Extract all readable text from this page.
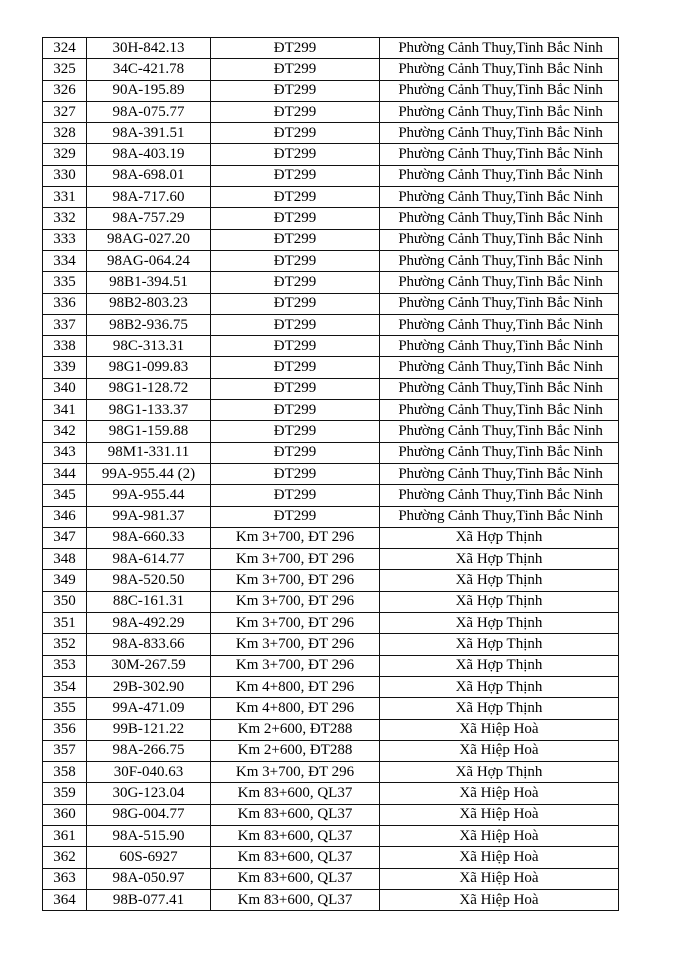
324	30H-842.13	ĐT299	Phường Cảnh Thuy,Tinh Bắc Ninh
325	34C-421.78	ĐT299	Phường Cảnh Thuy,Tinh Bắc Ninh
326	90A-195.89	ĐT299	Phường Cảnh Thuy,Tinh Bắc Ninh
327	98A-075.77	ĐT299	Phường Cảnh Thuy,Tinh Bắc Ninh
328	98A-391.51	ĐT299	Phường Cảnh Thuy,Tinh Bắc Ninh
329	98A-403.19	ĐT299	Phường Cảnh Thuy,Tinh Bắc Ninh
330	98A-698.01	ĐT299	Phường Cảnh Thuy,Tinh Bắc Ninh
331	98A-717.60	ĐT299	Phường Cảnh Thuy,Tinh Bắc Ninh
332	98A-757.29	ĐT299	Phường Cảnh Thuy,Tinh Bắc Ninh
333	98AG-027.20	ĐT299	Phường Cảnh Thuy,Tinh Bắc Ninh
334	98AG-064.24	ĐT299	Phường Cảnh Thuy,Tinh Bắc Ninh
335	98B1-394.51	ĐT299	Phường Cảnh Thuy,Tinh Bắc Ninh
336	98B2-803.23	ĐT299	Phường Cảnh Thuy,Tinh Bắc Ninh
337	98B2-936.75	ĐT299	Phường Cảnh Thuy,Tinh Bắc Ninh
338	98C-313.31	ĐT299	Phường Cảnh Thuy,Tinh Bắc Ninh
339	98G1-099.83	ĐT299	Phường Cảnh Thuy,Tinh Bắc Ninh
340	98G1-128.72	ĐT299	Phường Cảnh Thuy,Tinh Bắc Ninh
341	98G1-133.37	ĐT299	Phường Cảnh Thuy,Tinh Bắc Ninh
342	98G1-159.88	ĐT299	Phường Cảnh Thuy,Tinh Bắc Ninh
343	98M1-331.11	ĐT299	Phường Cảnh Thuy,Tinh Bắc Ninh
344	99A-955.44 (2)	ĐT299	Phường Cảnh Thuy,Tinh Bắc Ninh
345	99A-955.44	ĐT299	Phường Cảnh Thuy,Tinh Bắc Ninh
346	99A-981.37	ĐT299	Phường Cảnh Thuy,Tinh Bắc Ninh
347	98A-660.33	Km 3+700, ĐT 296	Xã Hợp Thịnh
348	98A-614.77	Km 3+700, ĐT 296	Xã Hợp Thịnh
349	98A-520.50	Km 3+700, ĐT 296	Xã Hợp Thịnh
350	88C-161.31	Km 3+700, ĐT 296	Xã Hợp Thịnh
351	98A-492.29	Km 3+700, ĐT 296	Xã Hợp Thịnh
352	98A-833.66	Km 3+700, ĐT 296	Xã Hợp Thịnh
353	30M-267.59	Km 3+700, ĐT 296	Xã Hợp Thịnh
354	29B-302.90	Km 4+800, ĐT 296	Xã Hợp Thịnh
355	99A-471.09	Km 4+800, ĐT 296	Xã Hợp Thịnh
356	99B-121.22	Km 2+600, ĐT288	Xã Hiệp Hoà
357	98A-266.75	Km 2+600, ĐT288	Xã Hiệp Hoà
358	30F-040.63	Km 3+700, ĐT 296	Xã Hợp Thịnh
359	30G-123.04	Km 83+600, QL37	Xã Hiệp Hoà
360	98G-004.77	Km 83+600, QL37	Xã Hiệp Hoà
361	98A-515.90	Km 83+600, QL37	Xã Hiệp Hoà
362	60S-6927	Km 83+600, QL37	Xã Hiệp Hoà
363	98A-050.97	Km 83+600, QL37	Xã Hiệp Hoà
364	98B-077.41	Km 83+600, QL37	Xã Hiệp Hoà
